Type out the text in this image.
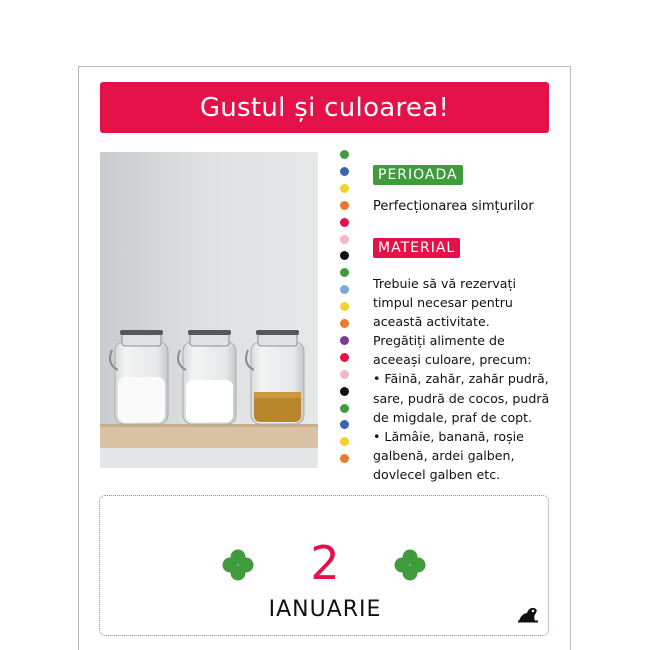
Gustul și culoarea!
PERIOADA
Perfecționarea simțurilor
MATERIAL
Trebuie să vă rezervați
timpul necesar pentru
această activitate.
Pregătiți alimente de
aceeași culoare, precum:
• Făină, zahăr, zahăr pudră,
sare, pudră de cocos, pudră
de migdale, praf de copt.
• Lămâie, banană, roșie
galbenă, ardei galben,
dovlecel galben etc.
2
IANUARIE
